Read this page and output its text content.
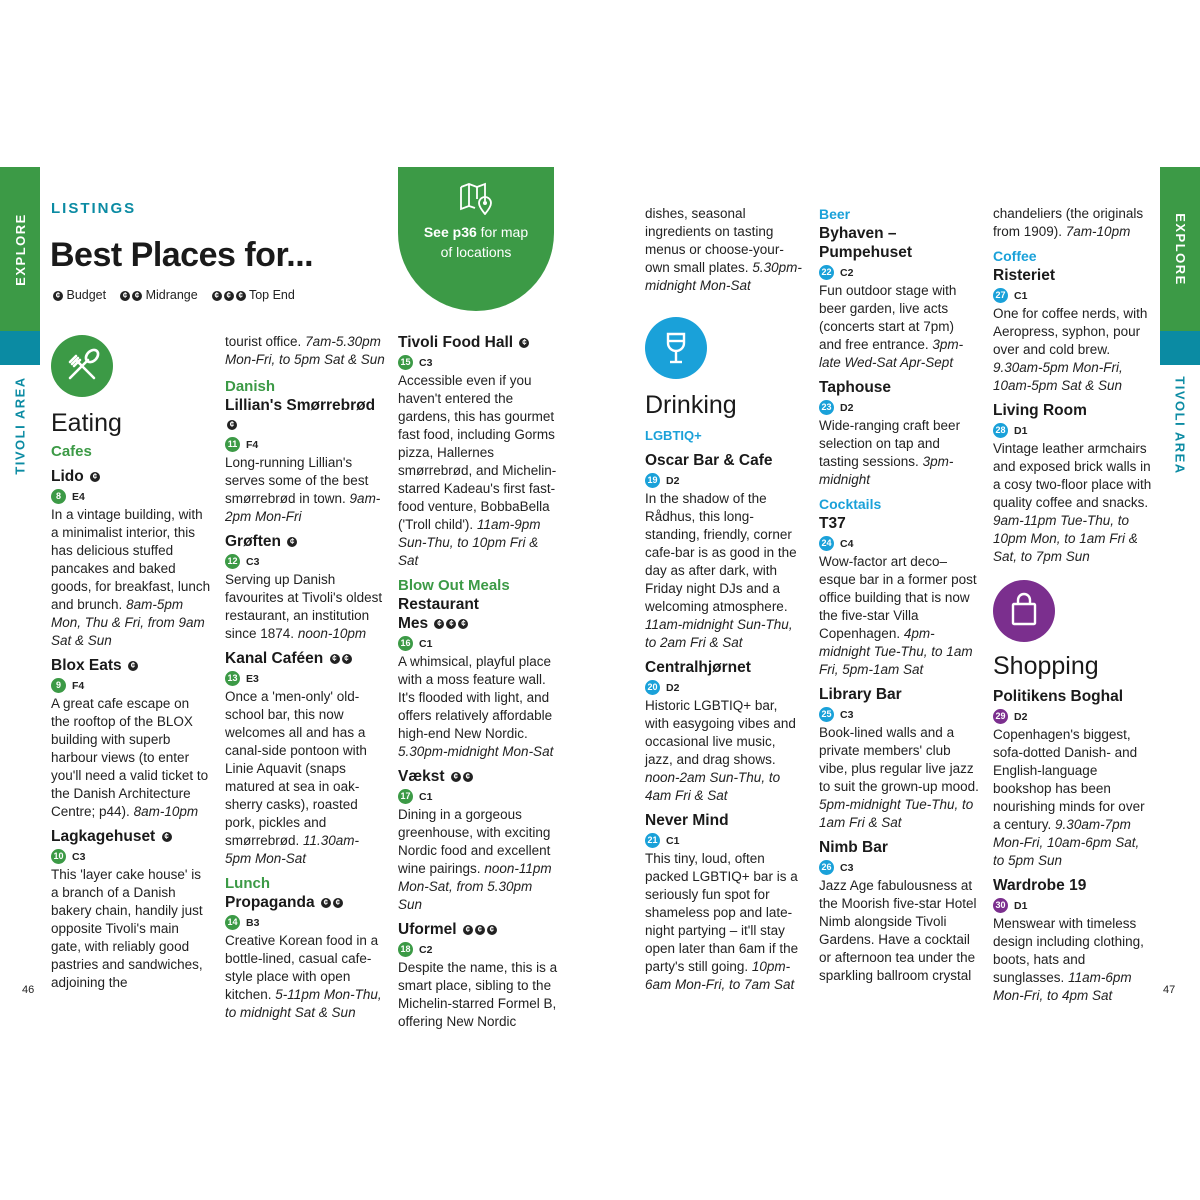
EXPLORE
TIVOLI AREA
EXPLORE
TIVOLI AREA
LISTINGS
Best Places for...
¢ Budget	¢ ¢ Midrange	¢ ¢ ¢ Top End
See p36 for map
of locations
Eating
Cafes
Lido ¢
8	E4

In a vintage building, with a minimalist interior, this has delicious stuffed pancakes and baked goods, for breakfast, lunch and brunch. 8am-5pm Mon, Thu & Fri, from 9am Sat & Sun

Blox Eats ¢
9	F4

A great cafe escape on the rooftop of the BLOX building with superb harbour views (to enter you'll need a valid ticket to the Danish Architecture Centre; p44). 8am-10pm

Lagkagehuset ¢
10 C3

This 'layer cake house' is a branch of a Danish bakery chain, handily just opposite Tivoli's main gate, with reliably good pastries and sandwiches, adjoining the

46

tourist office. 7am-5.30pm Mon-Fri, to 5pm Sat & Sun

Danish
Lillian's Smørrebrød ¢
11 F4

Long-running Lillian's serves some of the best smørrebrød in town. 9am-2pm Mon-Fri

Grøften ¢
12 C3

Serving up Danish favourites at Tivoli's oldest restaurant, an institution since 1874. noon-10pm

Kanal Caféen ¢ ¢
13 E3

Once a 'men-only' old-school bar, this now welcomes all and has a canal-side pontoon with Linie Aquavit (snaps matured at sea in oak-sherry casks), roasted pork, pickles and smørrebrød. 11.30am-5pm Mon-Sat

Lunch
Propaganda ¢ ¢
14 B3

Creative Korean food in a bottle-lined, casual cafe-style place with open kitchen. 5-11pm Mon-Thu, to midnight Sat & Sun

Tivoli Food Hall ¢
15 C3

Accessible even if you haven't entered the gardens, this has gourmet fast food, including Gorms pizza, Hallernes smørrebrød, and Michelin-starred Kadeau's first fast-food venture, BobbaBella ('Troll child'). 11am-9pm Sun-Thu, to 10pm Fri & Sat

Blow Out Meals
Restaurant
Mes ¢ ¢ ¢
16 C1

A whimsical, playful place with a moss feature wall. It's flooded with light, and offers relatively affordable high-end New Nordic. 5.30pm-midnight Mon-Sat

Vækst ¢ ¢
17 C1

Dining in a gorgeous greenhouse, with exciting Nordic food and excellent wine pairings. noon-11pm Mon-Sat, from 5.30pm Sun

Uformel ¢ ¢ ¢
18 C2

Despite the name, this is a smart place, sibling to the Michelin-starred Formel B, offering New Nordic

dishes, seasonal ingredients on tasting menus or choose-your-own small plates. 5.30pm-midnight Mon-Sat

Drinking
LGBTIQ+
Oscar Bar & Cafe
19 D2

In the shadow of the Rådhus, this long-standing, friendly, corner cafe-bar is as good in the day as after dark, with Friday night DJs and a welcoming atmosphere. 11am-midnight Sun-Thu, to 2am Fri & Sat

Centralhjørnet
20 D2

Historic LGBTIQ+ bar, with easygoing vibes and occasional live music, jazz, and drag shows. noon-2am Sun-Thu, to 4am Fri & Sat

Never Mind
21 C1

This tiny, loud, often packed LGBTIQ+ bar is a seriously fun spot for shameless pop and late-night partying – it'll stay open later than 6am if the party's still going. 10pm-6am Mon-Fri, to 7am Sat

Beer
Byhaven –
Pumpehuset
22 C2

Fun outdoor stage with beer garden, live acts (concerts start at 7pm) and free entrance. 3pm-late Wed-Sat Apr-Sept

Taphouse
23 D2

Wide-ranging craft beer selection on tap and tasting sessions. 3pm-midnight

Cocktails
T37
24 C4

Wow-factor art deco–esque bar in a former post office building that is now the five-star Villa Copenhagen. 4pm-midnight Tue-Thu, to 1am Fri, 5pm-1am Sat

Library Bar
25 C3

Book-lined walls and a private members' club vibe, plus regular live jazz to suit the grown-up mood. 5pm-midnight Tue-Thu, to 1am Fri & Sat

Nimb Bar
26 C3

Jazz Age fabulousness at the Moorish five-star Hotel Nimb alongside Tivoli Gardens. Have a cocktail or afternoon tea under the sparkling ballroom crystal

chandeliers (the originals from 1909). 7am-10pm

Coffee
Risteriet
27 C1

One for coffee nerds, with Aeropress, syphon, pour over and cold brew. 9.30am-5pm Mon-Fri, 10am-5pm Sat & Sun

Living Room
28 D1

Vintage leather armchairs and exposed brick walls in a cosy two-floor place with quality coffee and snacks. 9am-11pm Tue-Thu, to 10pm Mon, to 1am Fri & Sat, to 7pm Sun

Shopping
Politikens Boghal
29 D2

Copenhagen's biggest, sofa-dotted Danish- and English-language bookshop has been nourishing minds for over a century. 9.30am-7pm Mon-Fri, 10am-6pm Sat, to 5pm Sun

Wardrobe 19
30 D1

Menswear with timeless design including clothing, boots, hats and sunglasses. 11am-6pm Mon-Fri, to 4pm Sat	47
